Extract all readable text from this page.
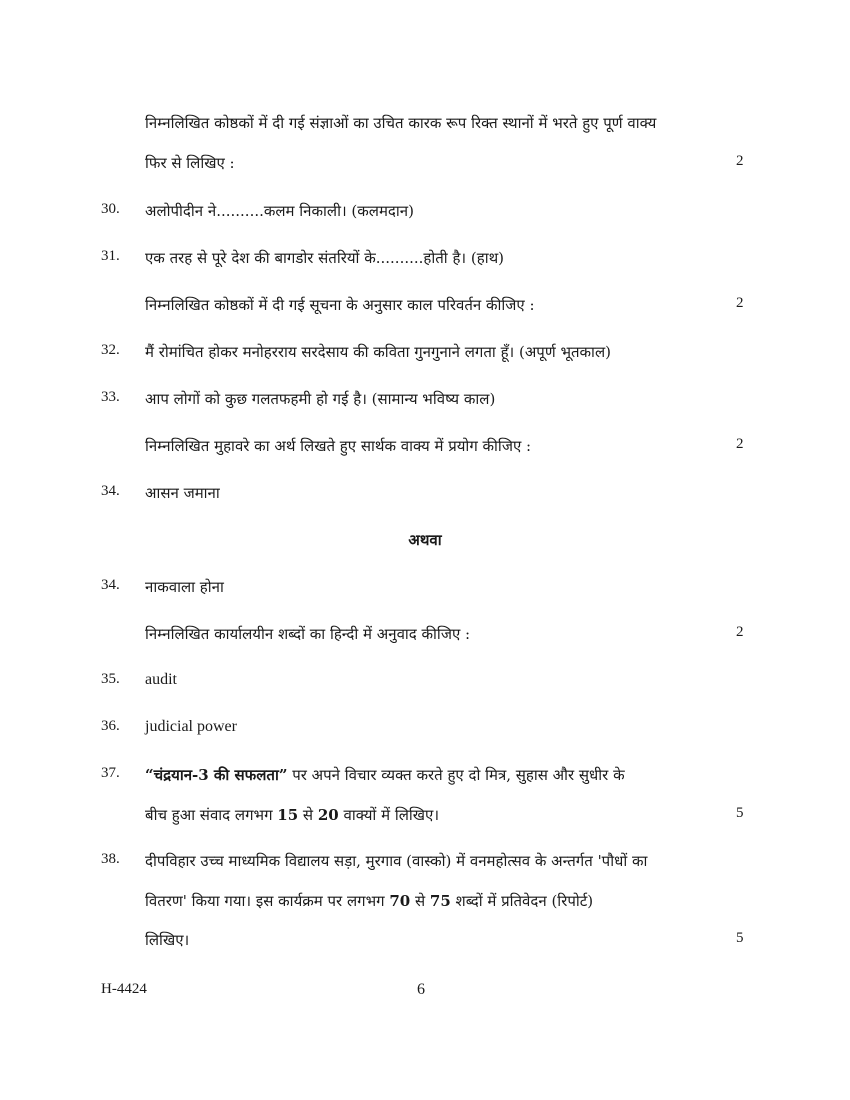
निम्नलिखित कोष्ठकों में दी गई संज्ञाओं का उचित कारक रूप रिक्त स्थानों में भरते हुए पूर्ण वाक्य
फिर से लिखिए :	2
30. अलोपीदीन ने..........कलम निकाली। (कलमदान)
31. एक तरह से पूरे देश की बागडोर संतरियों के..........होती है। (हाथ)
निम्नलिखित कोष्ठकों में दी गई सूचना के अनुसार काल परिवर्तन कीजिए :	2
32. मैं रोमांचित होकर मनोहरराय सरदेसाय की कविता गुनगुनाने लगता हूँ। (अपूर्ण भूतकाल)
33. आप लोगों को कुछ गलतफहमी हो गई है। (सामान्य भविष्य काल)
निम्नलिखित मुहावरे का अर्थ लिखते हुए सार्थक वाक्य में प्रयोग कीजिए :	2
34. आसन जमाना
अथवा
34. नाकवाला होना
निम्नलिखित कार्यालयीन शब्दों का हिन्दी में अनुवाद कीजिए :	2
35. audit
36. judicial power
37. “चंद्रयान-3 की सफलता” पर अपने विचार व्यक्त करते हुए दो मित्र, सुहास और सुधीर के
बीच हुआ संवाद लगभग 15 से 20 वाक्यों में लिखिए।	5
38. दीपविहार उच्च माध्यमिक विद्यालय सड़ा, मुरगाव (वास्को) में वनमहोत्सव के अन्तर्गत 'पौधों का
वितरण' किया गया। इस कार्यक्रम पर लगभग 70 से 75 शब्दों में प्रतिवेदन (रिपोर्ट)
लिखिए।	5
H-4424	6
